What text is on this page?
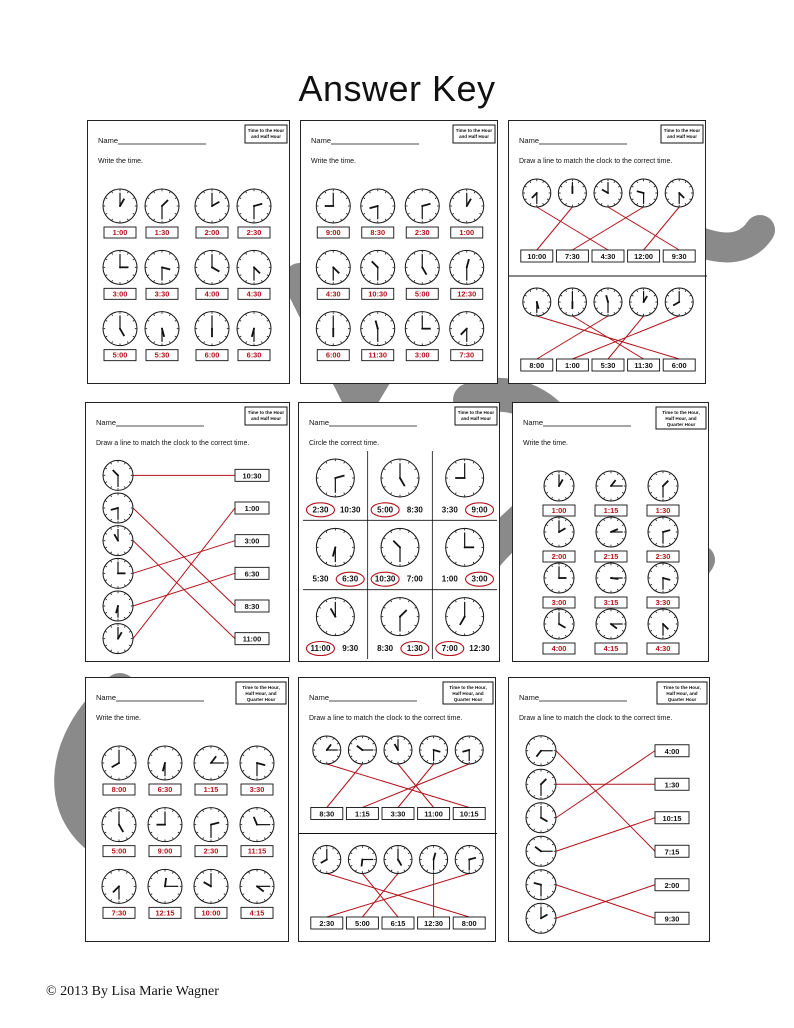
Answer Key
Time to the Hour
and Half Hour
Name
Write the time.
1:00	1:30	2:00	2:30
3:00	3:30	4:00	4:30
5:00	5:30	6:00	6:30
Time to the Hour
and Half Hour
Name
Write the time.
9:00	8:30	2:30	1:00
4:30	10:30	5:00	12:30
6:00	11:30	3:00	7:30
Time to the Hour
and Half Hour
Name
Draw a line to match the clock to the correct time.
10:00	7:30	4:30	12:00	9:30
8:00	1:00	5:30	11:30	6:00
Time to the Hour
and Half Hour
Name
Draw a line to match the clock to the correct time.
10:30
1:00
3:00
6:30
8:30
11:00
Time to the Hour
and Half Hour
Name
Circle the correct time.
2:30 10:30 5:00 8:30 3:30 9:00
5:30 6:30 10:30 7:00 1:00 3:00
11:00 9:30 8:30 1:30 7:00 12:30
Time to the Hour,
Half Hour, and
Quarter Hour
Name
Write the time.
1:00	1:15	1:30
2:00	2:15	2:30
3:00	3:15	3:30
4:00	4:15	4:30
Time to the Hour,
Half Hour, and
Quarter Hour
Name
Write the time.
8:00	6:30	1:15	3:30
5:00	9:00	2:30	11:15
7:30	12:15	10:00	4:15
Time to the Hour,
Half Hour, and
Quarter Hour
Name
Draw a line to match the clock to the correct time.
8:30	1:15	3:30	11:00 10:15
2:30	5:00	6:15	12:30	8:00
Time to the Hour,
Half Hour, and
Quarter Hour
Name
Draw a line to match the clock to the correct time.
4:00
1:30
10:15
7:15
2:00
9:30
© 2013 By Lisa Marie Wagner
